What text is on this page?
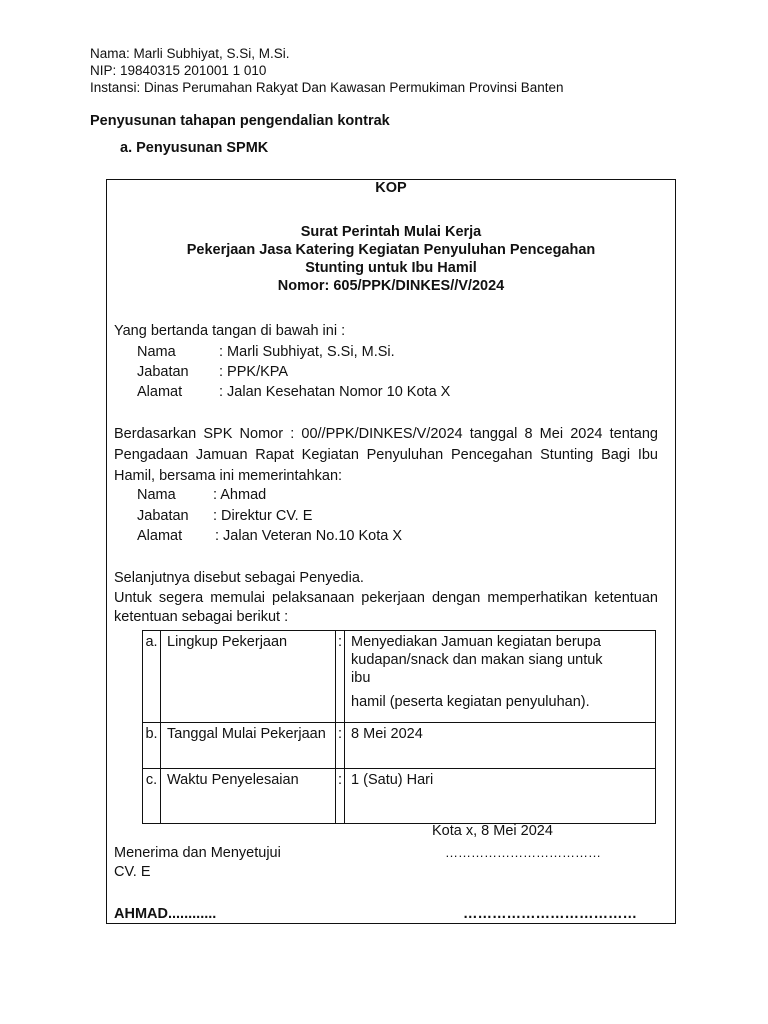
Nama: Marli Subhiyat, S.Si, M.Si.
NIP: 19840315 201001 1 010
Instansi: Dinas Perumahan Rakyat Dan Kawasan Permukiman Provinsi Banten
Penyusunan tahapan pengendalian kontrak
a. Penyusunan SPMK
KOP
Surat Perintah Mulai Kerja
Pekerjaan Jasa Katering Kegiatan Penyuluhan Pencegahan
Stunting untuk Ibu Hamil
Nomor: 605/PPK/DINKES//V/2024
Yang bertanda tangan di bawah ini :
Nama	: Marli Subhiyat, S.Si, M.Si.
Jabatan : PPK/KPA
Alamat	: Jalan Kesehatan Nomor 10 Kota X
Berdasarkan SPK Nomor : 00//PPK/DINKES/V/2024 tanggal 8 Mei 2024 tentang
Pengadaan Jamuan Rapat Kegiatan Penyuluhan Pencegahan Stunting Bagi Ibu
Hamil, bersama ini memerintahkan:
Nama	: Ahmad
Jabatan : Direktur CV. E
Alamat : Jalan Veteran No.10 Kota X
Selanjutnya disebut sebagai Penyedia.
Untuk segera memulai pelaksanaan pekerjaan dengan memperhatikan ketentuan
ketentuan sebagai berikut :
a.	Lingkup Pekerjaan	:	Menyediakan Jamuan kegiatan berupa
kudapan/snack dan makan siang untuk
ibu
hamil (peserta kegiatan penyuluhan).

b.	Tanggal Mulai Pekerjaan	:	8 Mei 2024

c.	Waktu Penyelesaian	:	1 (Satu) Hari
Kota x, 8 Mei 2024
Menerima dan Menyetujui	………………………………
CV. E
AHMAD............	………………………………
